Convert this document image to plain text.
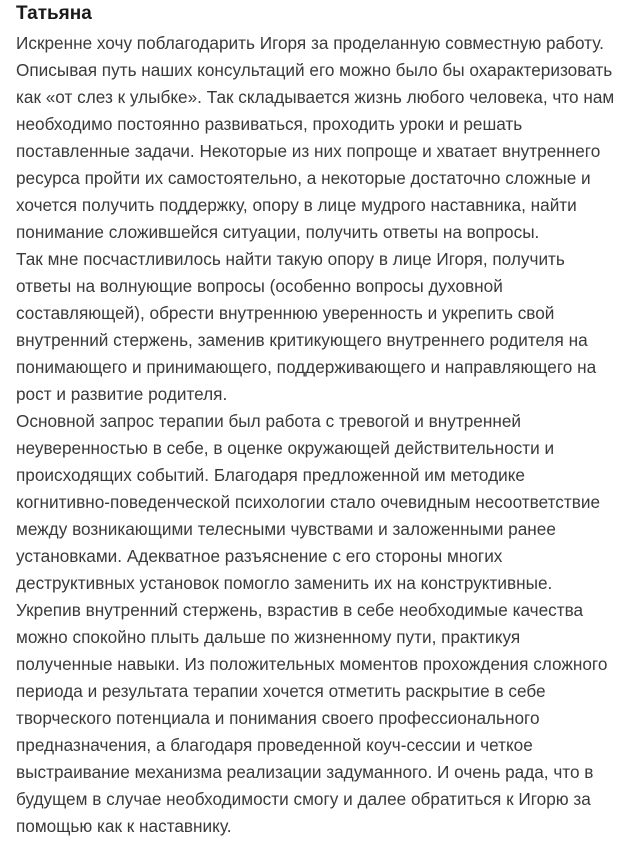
Татьяна

Искренне хочу поблагодарить Игоря за проделанную совместную работу. Описывая путь наших консультаций его можно было бы охарактеризовать как «от слез к улыбке». Так складывается жизнь любого человека, что нам необходимо постоянно развиваться, проходить уроки и решать поставленные задачи. Некоторые из них попроще и хватает внутреннего ресурса пройти их самостоятельно, а некоторые достаточно сложные и хочется получить поддержку, опору в лице мудрого наставника, найти понимание сложившейся ситуации, получить ответы на вопросы.

Так мне посчастливилось найти такую опору в лице Игоря, получить ответы на волнующие вопросы (особенно вопросы духовной составляющей), обрести внутреннюю уверенность и укрепить свой внутренний стержень, заменив критикующего внутреннего родителя на понимающего и принимающего, поддерживающего и направляющего на рост и развитие родителя.

Основной запрос терапии был работа с тревогой и внутренней неуверенностью в себе, в оценке окружающей действительности и происходящих событий. Благодаря предложенной им методике когнитивно-поведенческой психологии стало очевидным несоответствие между возникающими телесными чувствами и заложенными ранее установками. Адекватное разъяснение с его стороны многих деструктивных установок помогло заменить их на конструктивные. Укрепив внутренний стержень, взрастив в себе необходимые качества можно спокойно плыть дальше по жизненному пути, практикуя полученные навыки. Из положительных моментов прохождения сложного периода и результата терапии хочется отметить раскрытие в себе творческого потенциала и понимания своего профессионального предназначения, а благодаря проведенной коуч-сессии и четкое выстраивание механизма реализации задуманного. И очень рада, что в будущем в случае необходимости смогу и далее обратиться к Игорю за помощью как к наставнику.
